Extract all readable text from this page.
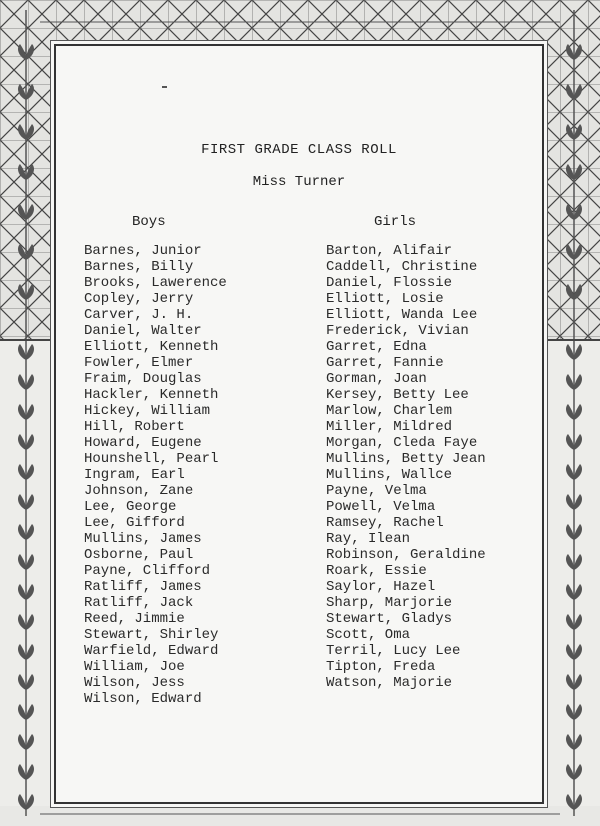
FIRST GRADE CLASS ROLL
Miss Turner
Boys
Barnes, Junior
Barnes, Billy
Brooks, Lawerence
Copley, Jerry
Carver, J. H.
Daniel, Walter
Elliott, Kenneth
Fowler, Elmer
Fraim, Douglas
Hackler, Kenneth
Hickey, William
Hill, Robert
Howard, Eugene
Hounshell, Pearl
Ingram, Earl
Johnson, Zane
Lee, George
Lee, Gifford
Mullins, James
Osborne, Paul
Payne, Clifford
Ratliff, James
Ratliff, Jack
Reed, Jimmie
Stewart, Shirley
Warfield, Edward
William, Joe
Wilson, Jess
Wilson, Edward
Girls
Barton, Alifair
Caddell, Christine
Daniel, Flossie
Elliott, Losie
Elliott, Wanda Lee
Frederick, Vivian
Garret, Edna
Garret, Fannie
Gorman, Joan
Kersey, Betty Lee
Marlow, Charlem
Miller, Mildred
Morgan, Cleda Faye
Mullins, Betty Jean
Mullins, Wallce
Payne, Velma
Powell, Velma
Ramsey, Rachel
Ray, Ilean
Robinson, Geraldine
Roark, Essie
Saylor, Hazel
Sharp, Marjorie
Stewart, Gladys
Scott, Oma
Terril, Lucy Lee
Tipton, Freda
Watson, Majorie
